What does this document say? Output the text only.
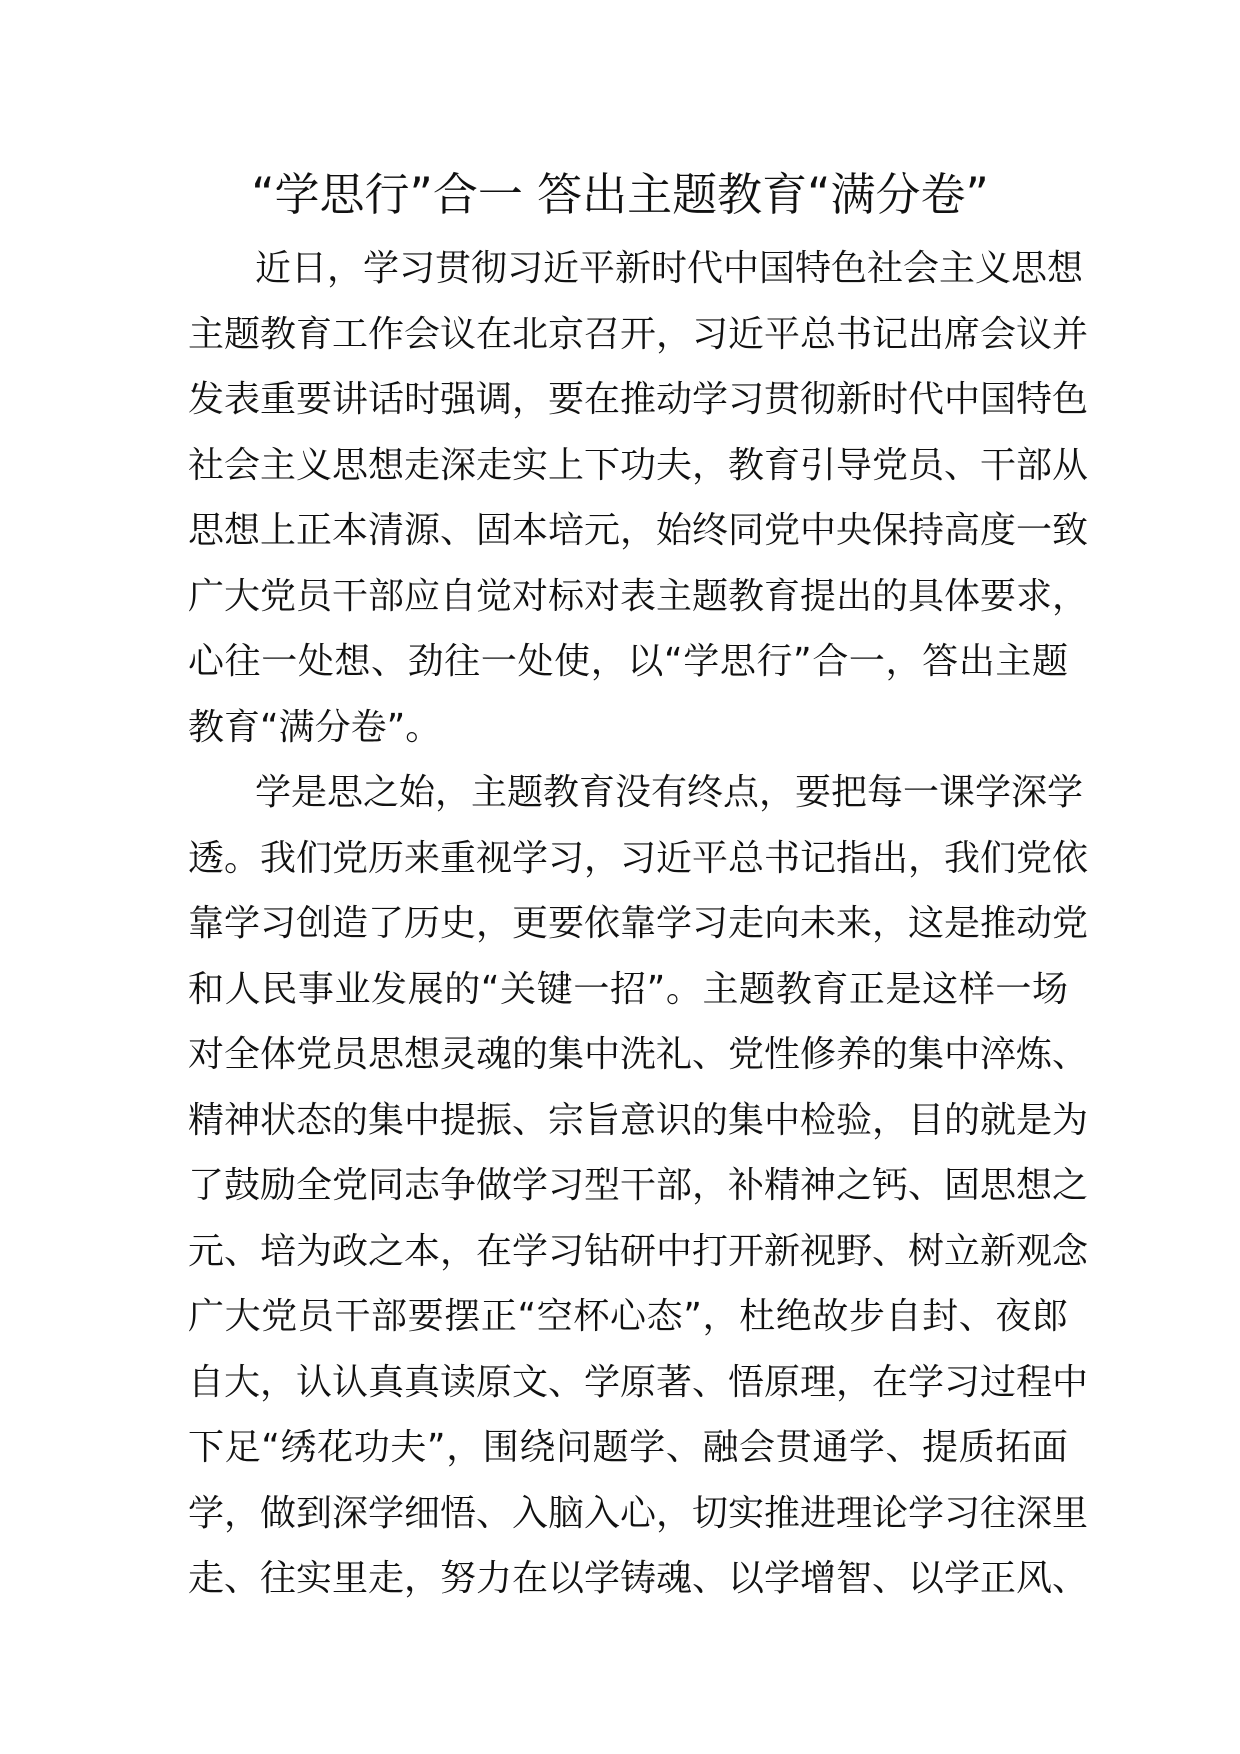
“学思行”合一 答出主题教育“满分卷”
近日，学习贯彻习近平新时代中国特色社会主义思想
主题教育工作会议在北京召开，习近平总书记出席会议并
发表重要讲话时强调，要在推动学习贯彻新时代中国特色
社会主义思想走深走实上下功夫，教育引导党员、干部从
思想上正本清源、固本培元，始终同党中央保持高度一致
广大党员干部应自觉对标对表主题教育提出的具体要求，
心往一处想、劲往一处使，以“学思行”合一，答出主题
教育“满分卷”。
学是思之始，主题教育没有终点，要把每一课学深学
透。我们党历来重视学习，习近平总书记指出，我们党依
靠学习创造了历史，更要依靠学习走向未来，这是推动党
和人民事业发展的“关键一招”。主题教育正是这样一场
对全体党员思想灵魂的集中洗礼、党性修养的集中淬炼、
精神状态的集中提振、宗旨意识的集中检验，目的就是为
了鼓励全党同志争做学习型干部，补精神之钙、固思想之
元、培为政之本，在学习钻研中打开新视野、树立新观念
广大党员干部要摆正“空杯心态”，杜绝故步自封、夜郎
自大，认认真真读原文、学原著、悟原理，在学习过程中
下足“绣花功夫”，围绕问题学、融会贯通学、提质拓面
学，做到深学细悟、入脑入心，切实推进理论学习往深里
走、往实里走，努力在以学铸魂、以学增智、以学正风、
